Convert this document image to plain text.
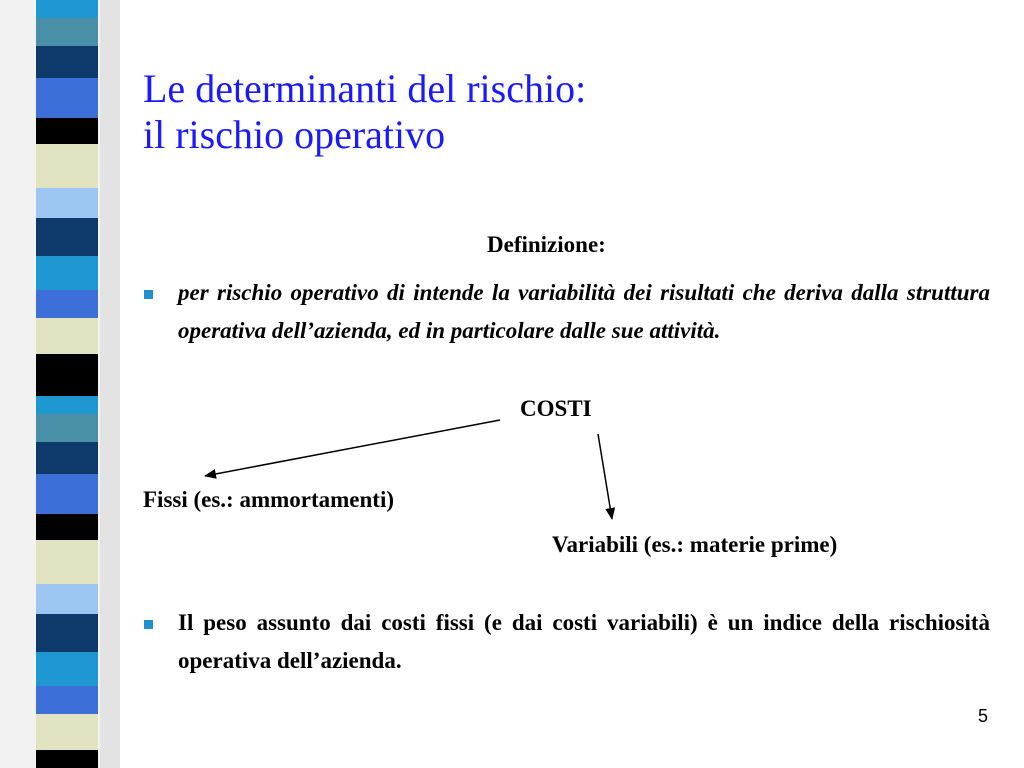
Le determinanti del rischio:
il rischio operativo
Definizione:
per rischio operativo di intende la variabilità dei risultati che deriva dalla struttura operativa dell’azienda, ed in particolare dalle sue attività.
COSTI
Fissi (es.: ammortamenti)
Variabili (es.: materie prime)
Il peso assunto dai costi fissi (e dai costi variabili) è un indice della rischiosità operativa dell’azienda.
5
